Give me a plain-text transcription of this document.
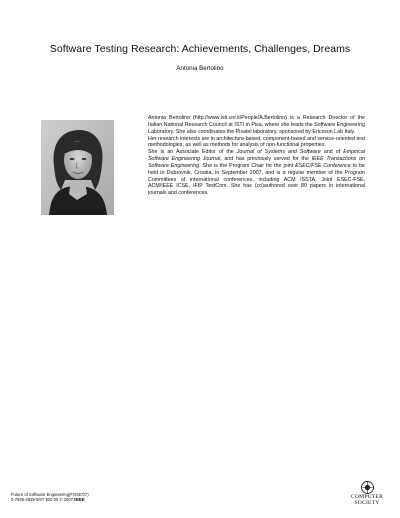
Software Testing Research: Achievements, Challenges, Dreams
Antonia Bertolino

Antonia Bertolino (http://www.isti.cnr.it/People/A.Bertolino) is a Research Director of the Italian National Research Council at ISTI in Pisa, where she leads the Software Engineering Laboratory. She also coordinates the Pisatel laboratory, sponsored by Ericsson Lab Italy.

Her research interests are in architecture-based, component-based and service-oriented test methodologies, as well as methods for analysis of non-functional properties.

She is an Associate Editor of the Journal of Systems and Software and of Empirical Software Engineering Journal, and has previously served for the IEEE Transactions on Software Engineering. She is the Program Chair for the joint ESEC/FSE Conference to be held in Dubrovnik, Croatia, in September 2007, and is a regular member of the Program Committees of international conferences, including ACM ISSTA, Joint ESEC-FSE, ACM/IEEE ICSE, IFIP TestCom. She has (co)authored over 80 papers in international journals and conferences.

Future of Software Engineering(FOSE'07)
0-7695-2829-5/07 $20.00 © 2007 IEEE	COMPUTER
SOCIETY
